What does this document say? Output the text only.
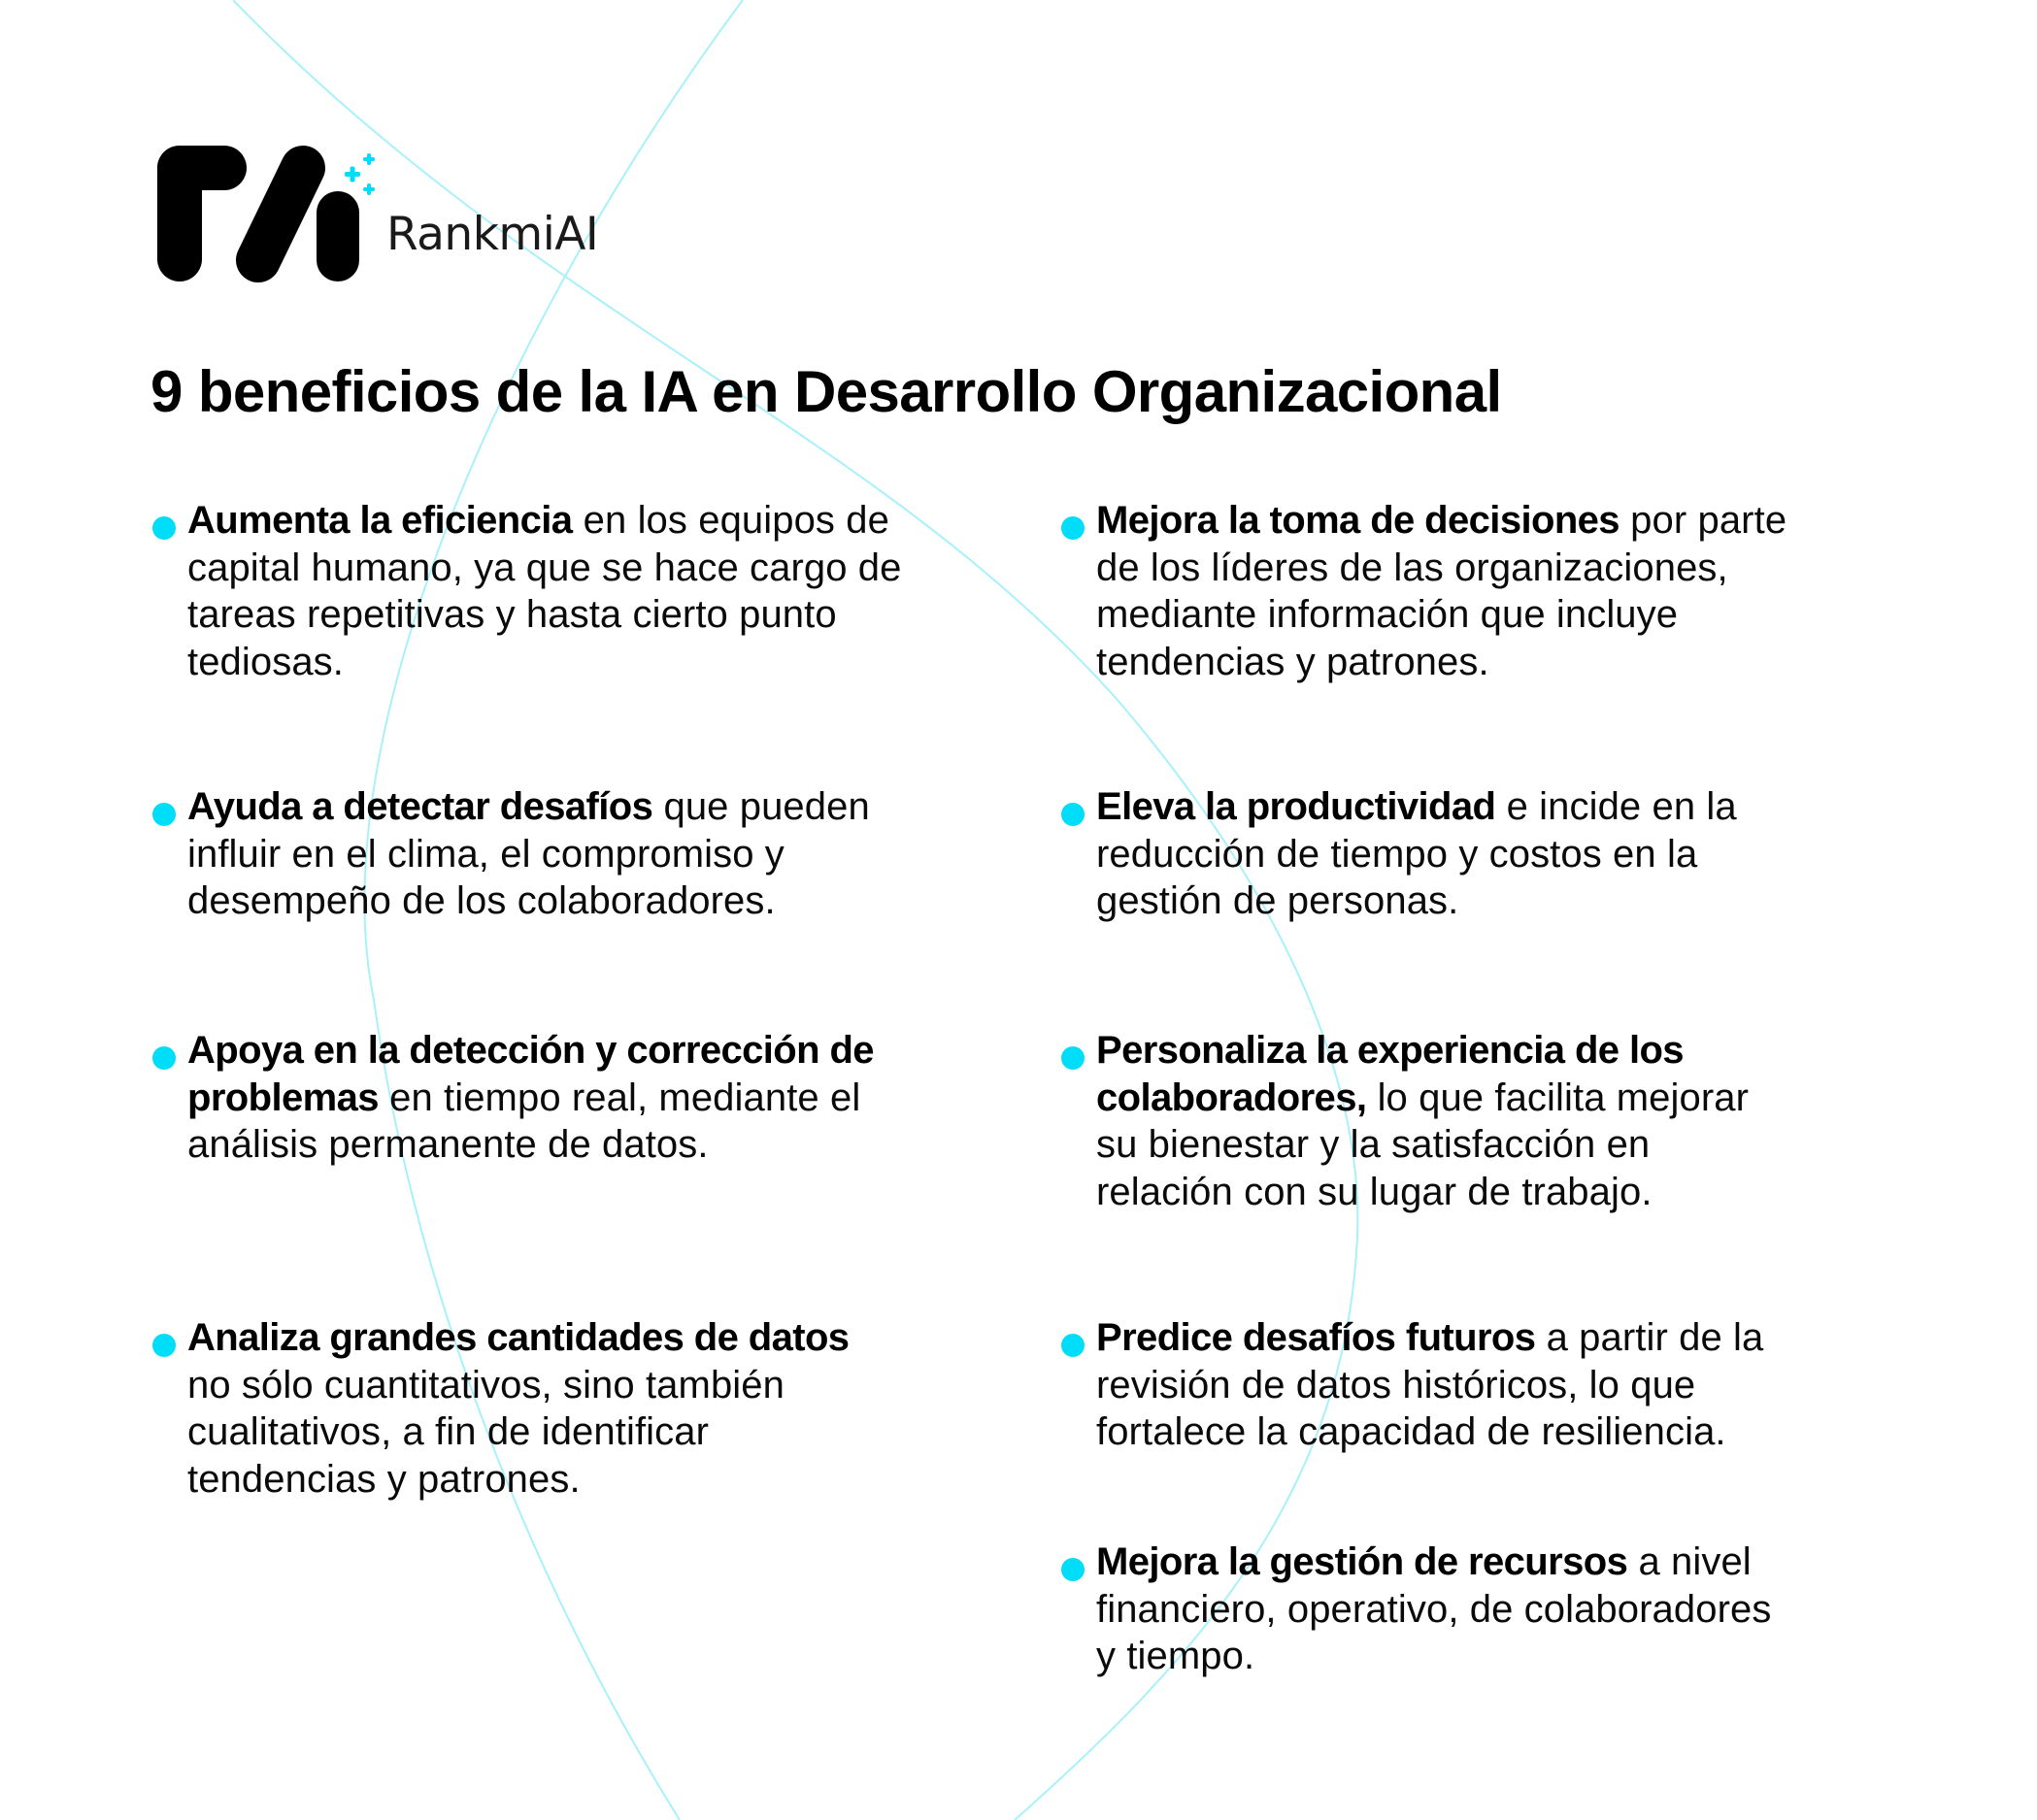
RankmiAI
9 beneficios de la IA en Desarrollo Organizacional
Aumenta la eficiencia en los equipos de
capital humano, ya que se hace cargo de
tareas repetitivas y hasta cierto punto
tediosas.
Mejora la toma de decisiones por parte
de los líderes de las organizaciones,
mediante información que incluye
tendencias y patrones.
Ayuda a detectar desafíos que pueden
influir en el clima, el compromiso y
desempeño de los colaboradores.
Eleva la productividad e incide en la
reducción de tiempo y costos en la
gestión de personas.
Apoya en la detección y corrección de
problemas en tiempo real, mediante el
análisis permanente de datos.
Personaliza la experiencia de los
colaboradores, lo que facilita mejorar
su bienestar y la satisfacción en
relación con su lugar de trabajo.
Analiza grandes cantidades de datos
no sólo cuantitativos, sino también
cualitativos, a fin de identificar
tendencias y patrones.
Predice desafíos futuros a partir de la
revisión de datos históricos, lo que
fortalece la capacidad de resiliencia.
Mejora la gestión de recursos a nivel
financiero, operativo, de colaboradores
y tiempo.
